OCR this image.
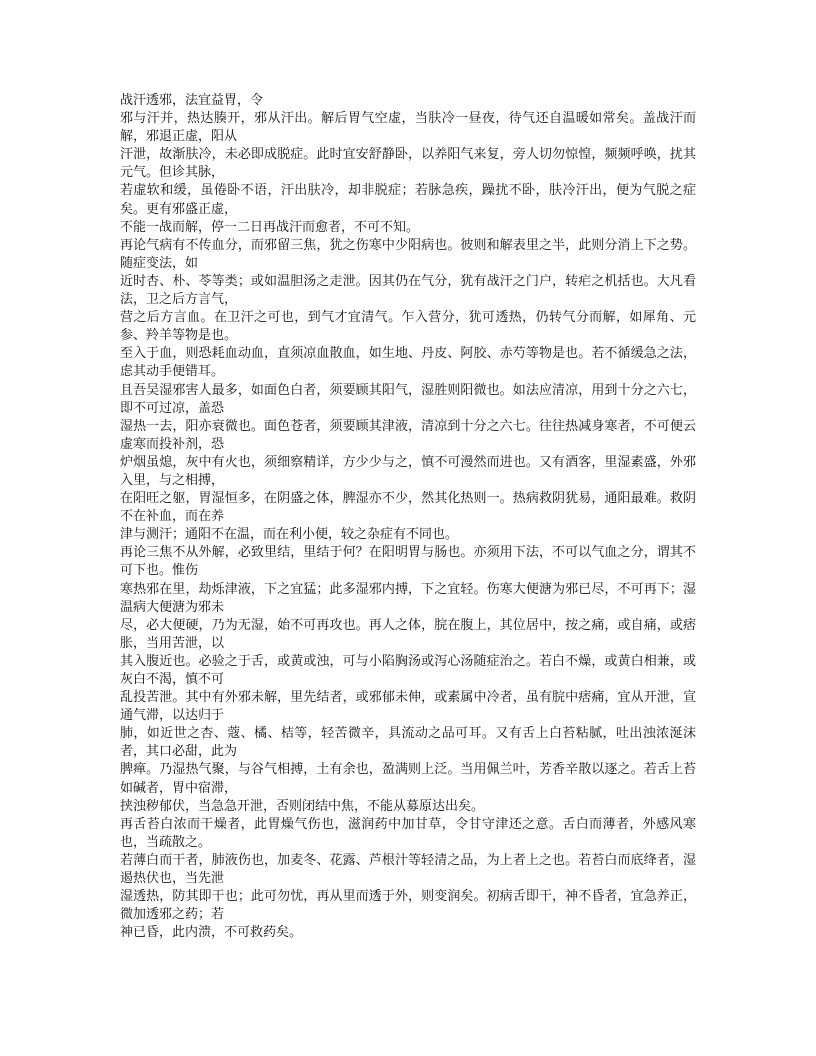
战汗透邪，法宜益胃，令
邪与汗并，热达腠开，邪从汗出。解后胃气空虚，当肤冷一昼夜，待气还自温暖如常矣。盖战汗而解，邪退正虚，阳从
汗泄，故渐肤冷，未必即成脱症。此时宜安舒静卧，以养阳气来复，旁人切勿惊惶，频频呼唤，扰其元气。但诊其脉，
若虚软和缓，虽倦卧不语，汗出肤冷，却非脱症；若脉急疾，躁扰不卧，肤冷汗出，便为气脱之症矣。更有邪盛正虚，
不能一战而解，停一二日再战汗而愈者，不可不知。
再论气病有不传血分，而邪留三焦，犹之伤寒中少阳病也。彼则和解表里之半，此则分消上下之势。随症变法，如
近时杏、朴、苓等类；或如温胆汤之走泄。因其仍在气分，犹有战汗之门户，转疟之机括也。大凡看法，卫之后方言气，
营之后方言血。在卫汗之可也，到气才宜清气。乍入营分，犹可透热，仍转气分而解，如犀角、元参、羚羊等物是也。
至入于血，则恐耗血动血，直须凉血散血，如生地、丹皮、阿胶、赤芍等物是也。若不循缓急之法，虑其动手便错耳。
且吾吴湿邪害人最多，如面色白者，须要顾其阳气，湿胜则阳微也。如法应清凉，用到十分之六七，即不可过凉，盖恐
湿热一去，阳亦衰微也。面色苍者，须要顾其津液，清凉到十分之六七。往往热减身寒者，不可便云虚寒而投补剂，恐
炉烟虽熄，灰中有火也，须细察精详，方少少与之，慎不可漫然而进也。又有酒客，里湿素盛，外邪入里，与之相搏，
在阳旺之躯，胃湿恒多，在阴盛之体，脾湿亦不少，然其化热则一。热病救阴犹易，通阳最难。救阴不在补血，而在养
津与测汗；通阳不在温，而在利小便，较之杂症有不同也。
再论三焦不从外解，必致里结，里结于何？在阳明胃与肠也。亦须用下法，不可以气血之分，谓其不可下也。惟伤
寒热邪在里，劫烁津液，下之宜猛；此多湿邪内搏，下之宜轻。伤寒大便溏为邪已尽，不可再下；湿温病大便溏为邪未
尽，必大便硬，乃为无湿，始不可再攻也。再人之体，脘在腹上，其位居中，按之痛，或自痛，或痞胀，当用苦泄，以
其入腹近也。必验之于舌，或黄或浊，可与小陷胸汤或泻心汤随症治之。若白不燥，或黄白相兼，或灰白不渴，慎不可
乱投苦泄。其中有外邪未解，里先结者，或邪郁未伸，或素属中冷者，虽有脘中痞痛，宜从开泄，宣通气滞，以达归于
肺，如近世之杏、蔻、橘、桔等，轻苦微辛，具流动之品可耳。又有舌上白苔粘腻，吐出浊浓涎沫者，其口必甜，此为
脾瘅。乃湿热气聚，与谷气相搏，土有余也，盈满则上泛。当用佩兰叶，芳香辛散以逐之。若舌上苔如碱者，胃中宿滞，
挟浊秽郁伏，当急急开泄，否则闭结中焦，不能从募原达出矣。
再舌苔白浓而干燥者，此胃燥气伤也，滋润药中加甘草，令甘守津还之意。舌白而薄者，外感风寒也，当疏散之。
若薄白而干者，肺液伤也，加麦冬、花露、芦根汁等轻清之品，为上者上之也。若苔白而底绛者，湿遏热伏也，当先泄
湿透热，防其即干也；此可勿忧，再从里而透于外，则变润矣。初病舌即干，神不昏者，宜急养正，微加透邪之药；若
神已昏，此内溃，不可救药矣。
